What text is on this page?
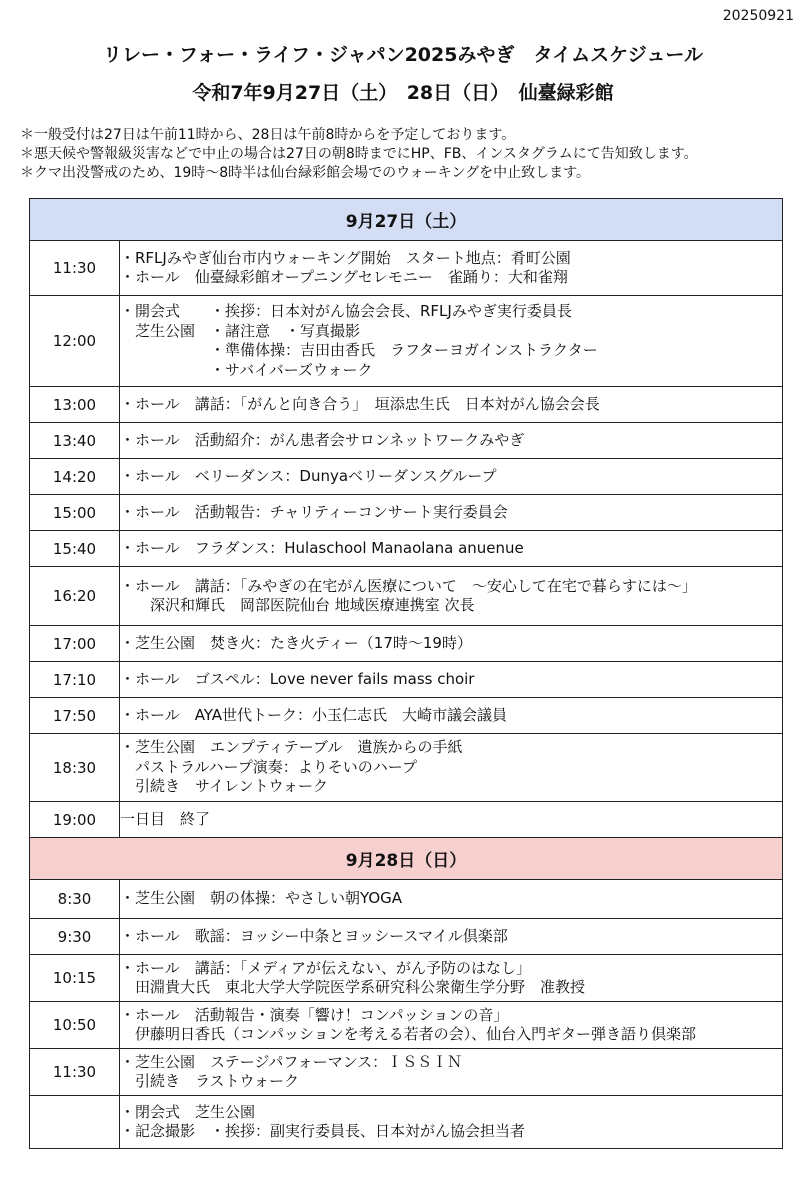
20250921
リレー・フォー・ライフ・ジャパン2025みやぎ　タイムスケジュール
令和7年9月27日（土）　28日（日）　仙臺緑彩館
＊一般受付は27日は午前11時から、28日は午前8時からを予定しております。
＊悪天候や警報級災害などで中止の場合は27日の朝8時までにHP、FB、インスタグラムにて告知致します。
＊クマ出没警戒のため、19時～8時半は仙台緑彩館会場でのウォーキングを中止致します。
9月27日（土）	
11:30	・RFLJみやぎ仙台市内ウォーキング開始　スタート地点：肴町公園
・ホール　仙臺緑彩館オープニングセレモニー　雀踊り：大和雀翔

12:00	・開会式　　・挨拶：日本対がん協会会長、RFLJみやぎ実行委員長
　芝生公園　・諸注意　・写真撮影
　　　　　　・準備体操：吉田由香氏　ラフターヨガインストラクター
　　　　　　・サバイバーズウォーク

13:00	・ホール　講話：「がんと向き合う」　垣添忠生氏　日本対がん協会会長

13:40	・ホール　活動紹介：がん患者会サロンネットワークみやぎ

14:20	・ホール　ベリーダンス：Dunyaベリーダンスグループ

15:00	・ホール　活動報告：チャリティーコンサート実行委員会

15:40	・ホール　フラダンス：Hulaschool Manaolana anuenue

16:20	・ホール　講話：「みやぎの在宅がん医療について　～安心して在宅で暮らすには～」
　　深沢和輝氏　岡部医院仙台 地域医療連携室 次長

17:00	・芝生公園　焚き火：たき火ティー（17時～19時）

17:10	・ホール　ゴスペル：Love never fails mass choir

17:50	・ホール　AYA世代トーク：小玉仁志氏　大崎市議会議員

18:30	・芝生公園　エンプティテーブル　遺族からの手紙
　パストラルハープ演奏：よりそいのハープ
　引続き　サイレントウォーク

19:00	一日目　終了

9月28日（日）	
8:30	・芝生公園　朝の体操：やさしい朝YOGA

9:30	・ホール　歌謡：ヨッシー中条とヨッシースマイル倶楽部

10:15	・ホール　講話：「メディアが伝えない、がん予防のはなし」
　田淵貴大氏　東北大学大学院医学系研究科公衆衛生学分野　准教授

10:50	・ホール　活動報告・演奏「響け！コンパッションの音」
　伊藤明日香氏（コンパッションを考える若者の会）、仙台入門ギター弾き語り倶楽部

11:30	・芝生公園　ステージパフォーマンス：ＩＳＳＩＮ
　引続き　ラストウォーク

	・閉会式　芝生公園
・記念撮影　・挨拶：副実行委員長、日本対がん協会担当者
